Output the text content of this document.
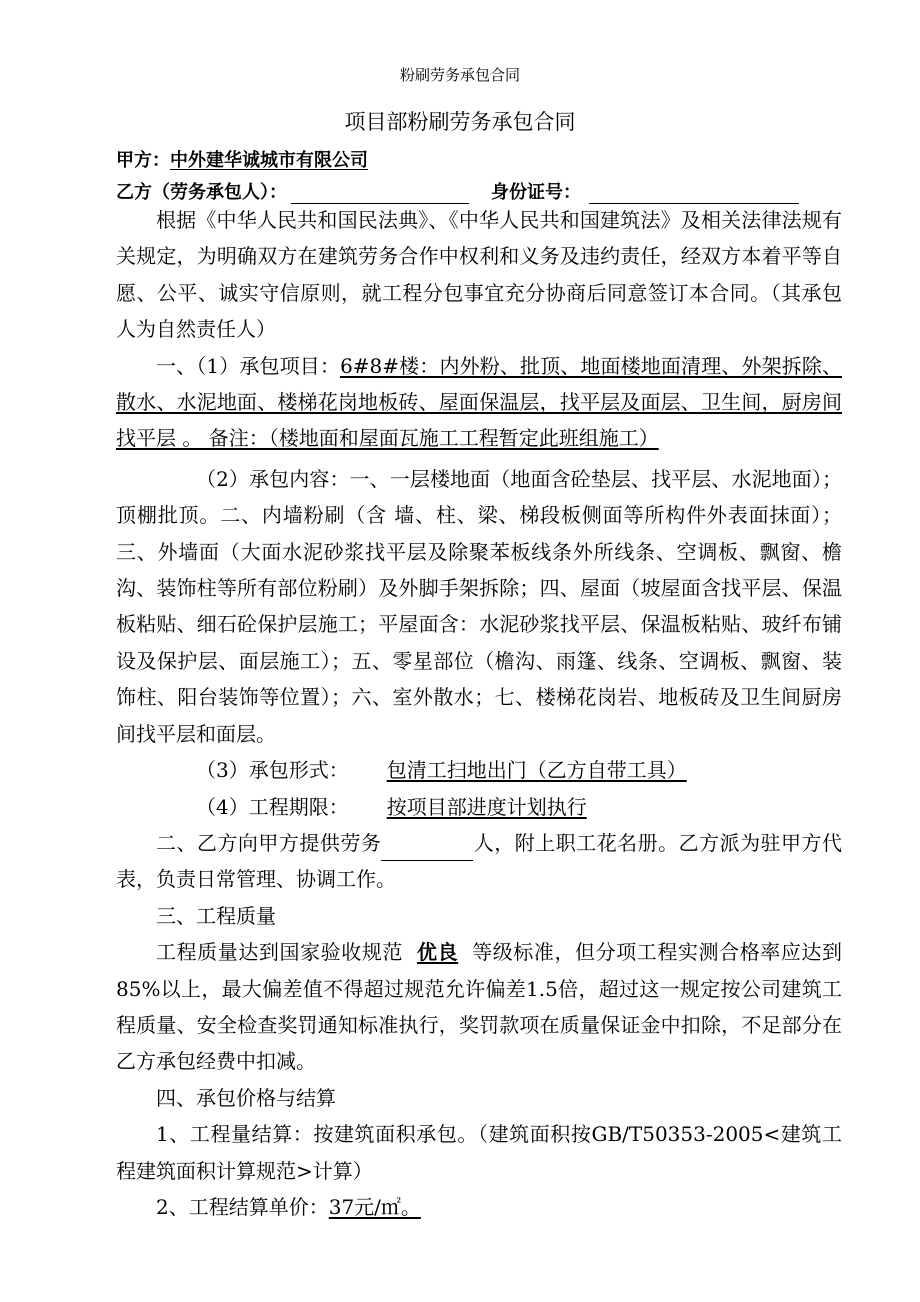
粉刷劳务承包合同
项目部粉刷劳务承包合同
甲方：中外建华诚城市有限公司
乙方（劳务承包人）：	身份证号：

根据《中华人民共和国民法典》、《中华人民共和国建筑法》及相关法律法规有关规定，为明确双方在建筑劳务合作中权利和义务及违约责任，经双方本着平等自愿、公平、诚实守信原则，就工程分包事宜充分协商后同意签订本合同。（其承包人为自然责任人）

一、（1）承包项目：6#8#楼：内外粉、批顶、地面楼地面清理、外架拆除、散水、水泥地面、楼梯花岗地板砖、屋面保温层，找平层及面层、卫生间，厨房间找平层 。 备注：（楼地面和屋面瓦施工工程暂定此班组施工）

（2）承包内容：一、一层楼地面（地面含砼垫层、找平层、水泥地面）；顶棚批顶。二、内墙粉刷（含 墙、柱、梁、梯段板侧面等所构件外表面抹面）；三、外墙面（大面水泥砂浆找平层及除聚苯板线条外所线条、空调板、飘窗、檐沟、装饰柱等所有部位粉刷）及外脚手架拆除；四、屋面（坡屋面含找平层、保温板粘贴、细石砼保护层施工；平屋面含：水泥砂浆找平层、保温板粘贴、玻纤布铺设及保护层、面层施工）；五、零星部位（檐沟、雨篷、线条、空调板、飘窗、装饰柱、阳台装饰等位置）；六、室外散水；七、楼梯花岗岩、地板砖及卫生间厨房间找平层和面层。

（3）承包形式： 包清工扫地出门（乙方自带工具）

（4）工程期限： 按项目部进度计划执行

二、乙方向甲方提供劳务	人，附上职工花名册。乙方派为驻甲方代表，负责日常管理、协调工作。

三、工程质量

工程质量达到国家验收规范 优良 等级标准，但分项工程实测合格率应达到85%以上，最大偏差值不得超过规范允许偏差1.5倍，超过这一规定按公司建筑工程质量、安全检查奖罚通知标准执行，奖罚款项在质量保证金中扣除，不足部分在乙方承包经费中扣减。

四、承包价格与结算

1、工程量结算：按建筑面积承包。（建筑面积按GB/T50353-2005<建筑工程建筑面积计算规范>计算）

2、工程结算单价：37元/㎡。
